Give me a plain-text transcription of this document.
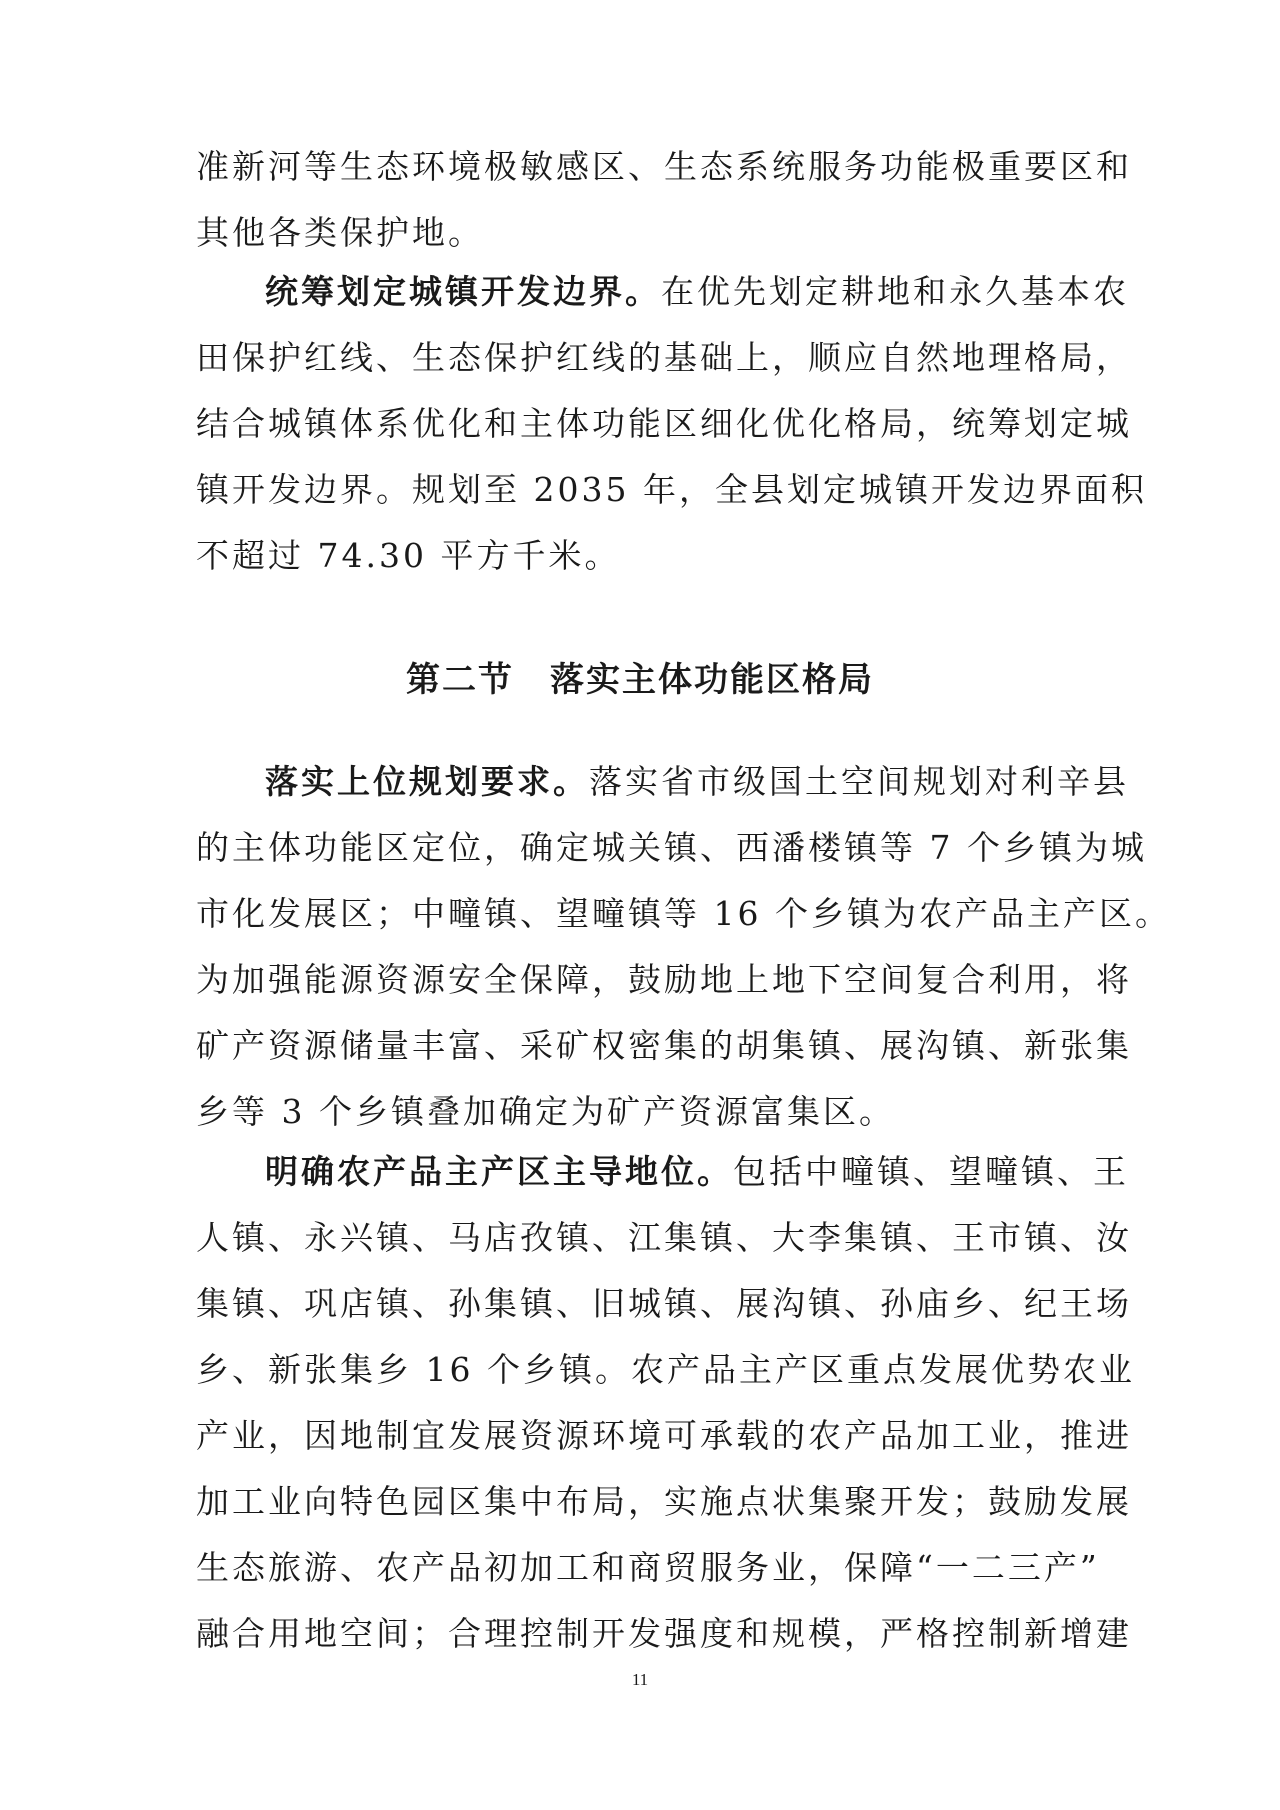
准新河等生态环境极敏感区、生态系统服务功能极重要区和
其他各类保护地。
统筹划定城镇开发边界。在优先划定耕地和永久基本农
田保护红线、生态保护红线的基础上，顺应自然地理格局，
结合城镇体系优化和主体功能区细化优化格局，统筹划定城
镇开发边界。规划至 2035 年，全县划定城镇开发边界面积
不超过 74.30 平方千米。
第二节　落实主体功能区格局
落实上位规划要求。落实省市级国土空间规划对利辛县
的主体功能区定位，确定城关镇、西潘楼镇等 7 个乡镇为城
市化发展区；中疃镇、望疃镇等 16 个乡镇为农产品主产区。
为加强能源资源安全保障，鼓励地上地下空间复合利用，将
矿产资源储量丰富、采矿权密集的胡集镇、展沟镇、新张集
乡等 3 个乡镇叠加确定为矿产资源富集区。
明确农产品主产区主导地位。包括中疃镇、望疃镇、王
人镇、永兴镇、马店孜镇、江集镇、大李集镇、王市镇、汝
集镇、巩店镇、孙集镇、旧城镇、展沟镇、孙庙乡、纪王场
乡、新张集乡 16 个乡镇。农产品主产区重点发展优势农业
产业，因地制宜发展资源环境可承载的农产品加工业，推进
加工业向特色园区集中布局，实施点状集聚开发；鼓励发展
生态旅游、农产品初加工和商贸服务业，保障“一二三产”
融合用地空间；合理控制开发强度和规模，严格控制新增建
11
